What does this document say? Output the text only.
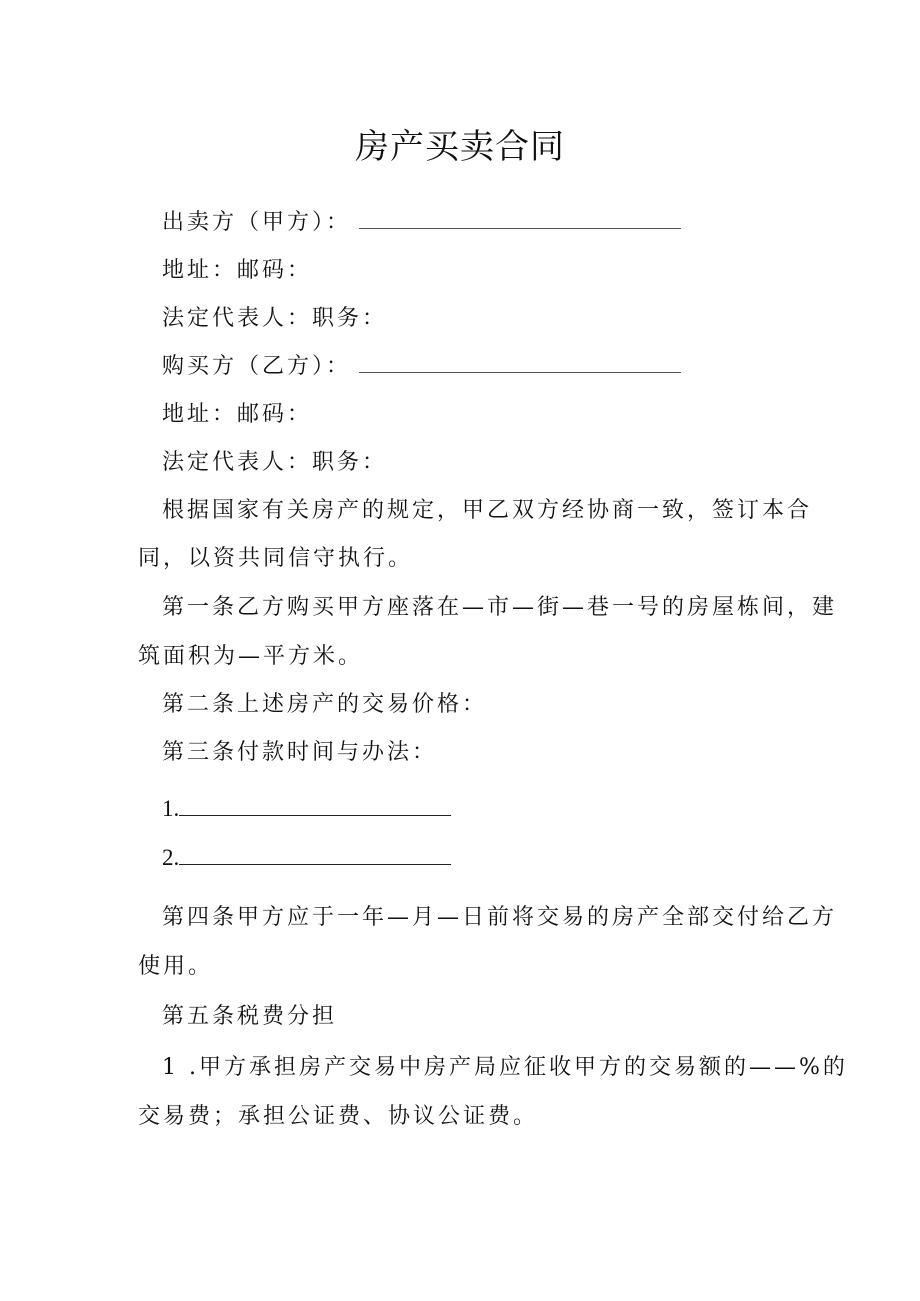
房产买卖合同
出卖方（甲方）：
地址：邮码：
法定代表人：职务：
购买方（乙方）：
地址：邮码：
法定代表人：职务：
根据国家有关房产的规定，甲乙双方经协商一致，签订本合
同，以资共同信守执行。
第一条乙方购买甲方座落在—市—街—巷一号的房屋栋间，建
筑面积为—平方米。
第二条上述房产的交易价格：
第三条付款时间与办法：
1.
2.
第四条甲方应于一年—月—日前将交易的房产全部交付给乙方
使用。
第五条税费分担
1 .甲方承担房产交易中房产局应征收甲方的交易额的——%的
交易费；承担公证费、协议公证费。
